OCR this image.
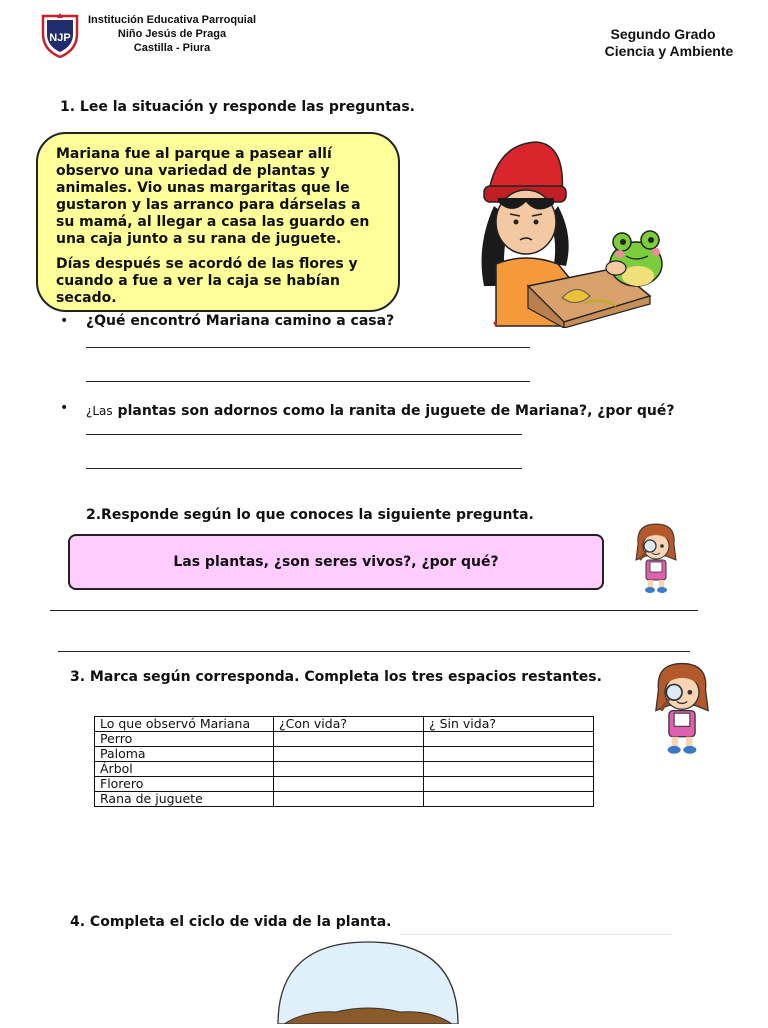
NJP
Institución Educativa Parroquial
Niño Jesús de Praga
Castilla - Piura
Segundo Grado
Ciencia y Ambiente
1. Lee la situación y responde las preguntas.

Mariana fue al parque a pasear allí observo una variedad de plantas y animales. Vio unas margaritas que le gustaron y las arranco para dárselas a su mamá, al llegar a casa las guardo en una caja junto a su rana de juguete.

Días después se acordó de las flores y cuando a fue a ver la caja se habían secado.

• ¿Qué encontró Mariana camino a casa?
• ¿Las plantas son adornos como la ranita de juguete de Mariana?, ¿por qué?
2.Responde según lo que conoces la siguiente pregunta.
Las plantas, ¿son seres vivos?, ¿por qué?
3. Marca según corresponda. Completa los tres espacios restantes.
Lo que observó Mariana	¿Con vida?	¿ Sin vida?
Perro		
Paloma		
Árbol		
Florero		
Rana de juguete		
4. Completa el ciclo de vida de la planta.
